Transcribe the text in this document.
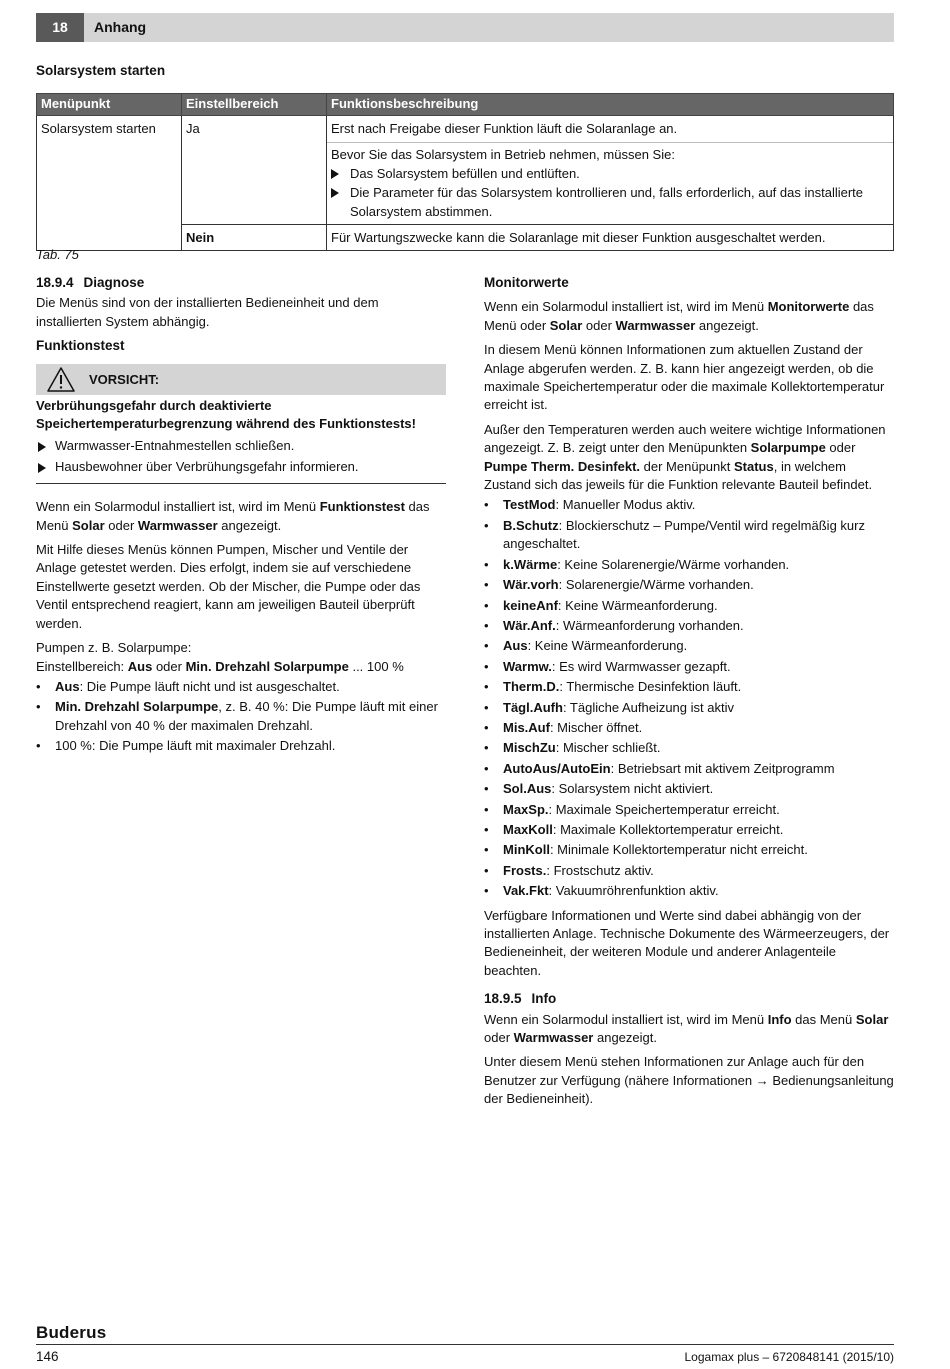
18	Anhang
Solarsystem starten
Menüpunkt	Einstellbereich	Funktionsbeschreibung
Solarsystem starten	Ja	Erst nach Freigabe dieser Funktion läuft die Solaranlage an.
Bevor Sie das Solarsystem in Betrieb nehmen, müssen Sie:
Das Solarsystem befüllen und entlüften.
Die Parameter für das Solarsystem kontrollieren und, falls erforderlich, auf das installierte Solarsystem abstimmen.

	Nein	Für Wartungszwecke kann die Solaranlage mit dieser Funktion ausgeschaltet werden.
Tab. 75
18.9.4 Diagnose

Die Menüs sind von der installierten Bedieneinheit und dem installierten System abhängig.

Funktionstest
VORSICHT:
Verbrühungsgefahr durch deaktivierte Speichertemperaturbegrenzung während des Funktionstests!
Warmwasser-Entnahmestellen schließen.
Hausbewohner über Verbrühungsgefahr informieren.

Wenn ein Solarmodul installiert ist, wird im Menü Funktionstest das Menü Solar oder Warmwasser angezeigt.

Mit Hilfe dieses Menüs können Pumpen, Mischer und Ventile der Anlage getestet werden. Dies erfolgt, indem sie auf verschiedene Einstellwerte gesetzt werden. Ob der Mischer, die Pumpe oder das Ventil entsprechend reagiert, kann am jeweiligen Bauteil überprüft werden.

Pumpen z. B. Solarpumpe:
Einstellbereich: Aus oder Min. Drehzahl Solarpumpe ... 100 %

• Aus: Die Pumpe läuft nicht und ist ausgeschaltet.
• Min. Drehzahl Solarpumpe, z. B. 40 %: Die Pumpe läuft mit einer Drehzahl von 40 % der maximalen Drehzahl.
• 100 %: Die Pumpe läuft mit maximaler Drehzahl.
Monitorwerte

Wenn ein Solarmodul installiert ist, wird im Menü Monitorwerte das Menü oder Solar oder Warmwasser angezeigt.

In diesem Menü können Informationen zum aktuellen Zustand der Anlage abgerufen werden. Z. B. kann hier angezeigt werden, ob die maximale Speichertemperatur oder die maximale Kollektortemperatur erreicht ist.

Außer den Temperaturen werden auch weitere wichtige Informationen angezeigt. Z. B. zeigt unter den Menüpunkten Solarpumpe oder Pumpe Therm. Desinfekt. der Menüpunkt Status, in welchem Zustand sich das jeweils für die Funktion relevante Bauteil befindet.

• TestMod: Manueller Modus aktiv.
• B.Schutz: Blockierschutz – Pumpe/Ventil wird regelmäßig kurz angeschaltet.
• k.Wärme: Keine Solarenergie/Wärme vorhanden.
• Wär.vorh: Solarenergie/Wärme vorhanden.
• keineAnf: Keine Wärmeanforderung.
• Wär.Anf.: Wärmeanforderung vorhanden.
• Aus: Keine Wärmeanforderung.
• Warmw.: Es wird Warmwasser gezapft.
• Therm.D.: Thermische Desinfektion läuft.
• Tägl.Aufh: Tägliche Aufheizung ist aktiv
• Mis.Auf: Mischer öffnet.
• MischZu: Mischer schließt.
• AutoAus/AutoEin: Betriebsart mit aktivem Zeitprogramm
• Sol.Aus: Solarsystem nicht aktiviert.
• MaxSp.: Maximale Speichertemperatur erreicht.
• MaxKoll: Maximale Kollektortemperatur erreicht.
• MinKoll: Minimale Kollektortemperatur nicht erreicht.
• Frosts.: Frostschutz aktiv.
• Vak.Fkt: Vakuumröhrenfunktion aktiv.

Verfügbare Informationen und Werte sind dabei abhängig von der installierten Anlage. Technische Dokumente des Wärmeerzeugers, der Bedieneinheit, der weiteren Module und anderer Anlagenteile beachten.

18.9.5 Info

Wenn ein Solarmodul installiert ist, wird im Menü Info das Menü Solar oder Warmwasser angezeigt.

Unter diesem Menü stehen Informationen zur Anlage auch für den Benutzer zur Verfügung (nähere Informationen → Bedienungsanleitung der Bedieneinheit).

Buderus
146	Logamax plus – 6720848141 (2015/10)
